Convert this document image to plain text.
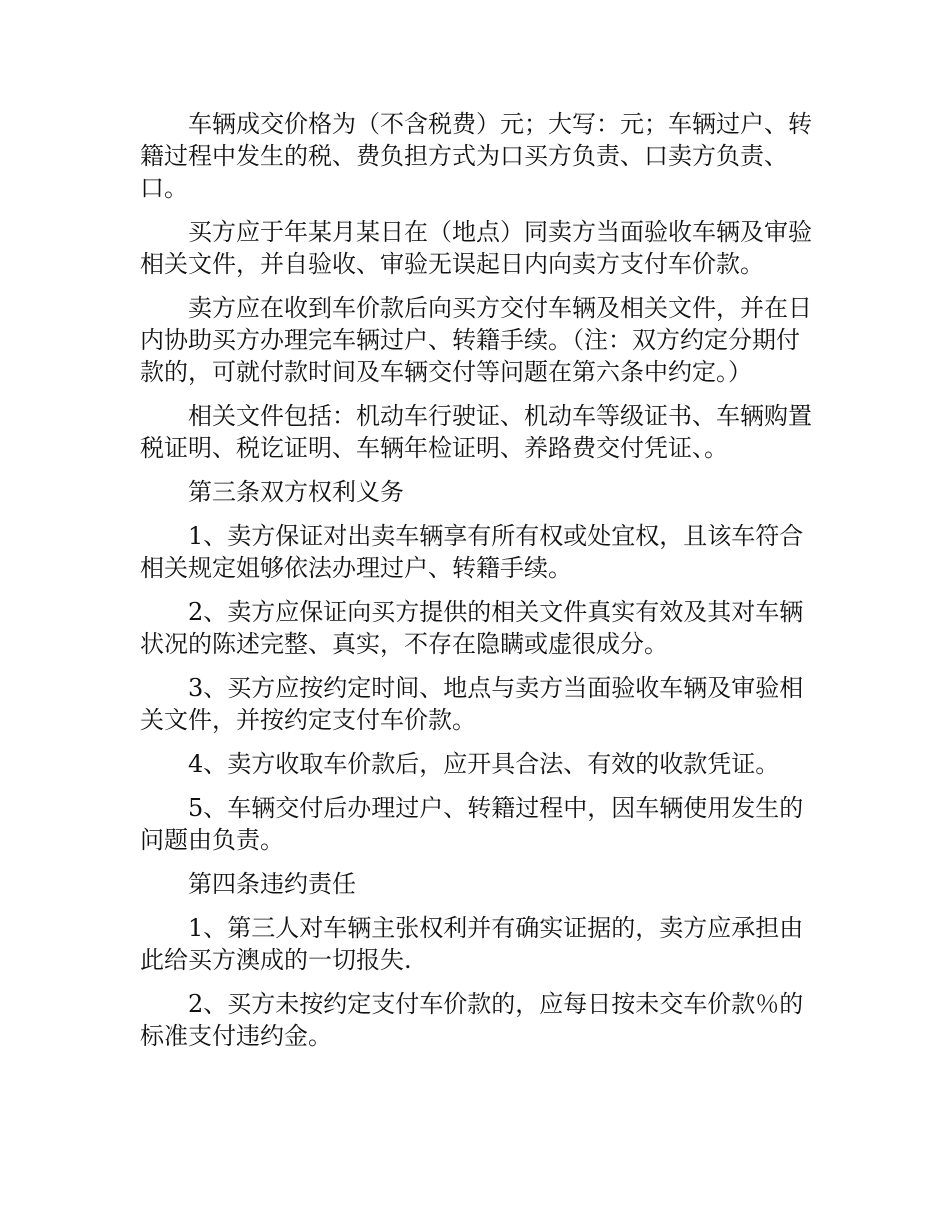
车辆成交价格为（不含税费）元；大写：元；车辆过户、转籍过程中发生的税、费负担方式为口买方负责、口卖方负责、口。

买方应于年某月某日在（地点）同卖方当面验收车辆及审验相关文件，并自验收、审验无误起日内向卖方支付车价款。

卖方应在收到车价款后向买方交付车辆及相关文件，并在日内协助买方办理完车辆过户、转籍手续。（注：双方约定分期付款的，可就付款时间及车辆交付等问题在第六条中约定。）

相关文件包括：机动车行驶证、机动车等级证书、车辆购置税证明、税讫证明、车辆年检证明、养路费交付凭证、。

第三条双方权利义务

1、卖方保证对出卖车辆享有所有权或处宜权，且该车符合相关规定姐够依法办理过户、转籍手续。

2、卖方应保证向买方提供的相关文件真实有效及其对车辆状况的陈述完整、真实，不存在隐瞒或虚很成分。

3、买方应按约定时间、地点与卖方当面验收车辆及审验相关文件，并按约定支付车价款。

4、卖方收取车价款后，应开具合法、有效的收款凭证。

5、车辆交付后办理过户、转籍过程中，因车辆使用发生的问题由负责。

第四条违约责任

1、第三人对车辆主张权利并有确实证据的，卖方应承担由此给买方澳成的一切报失.

2、买方未按约定支付车价款的，应每日按未交车价款％的标准支付违约金。
